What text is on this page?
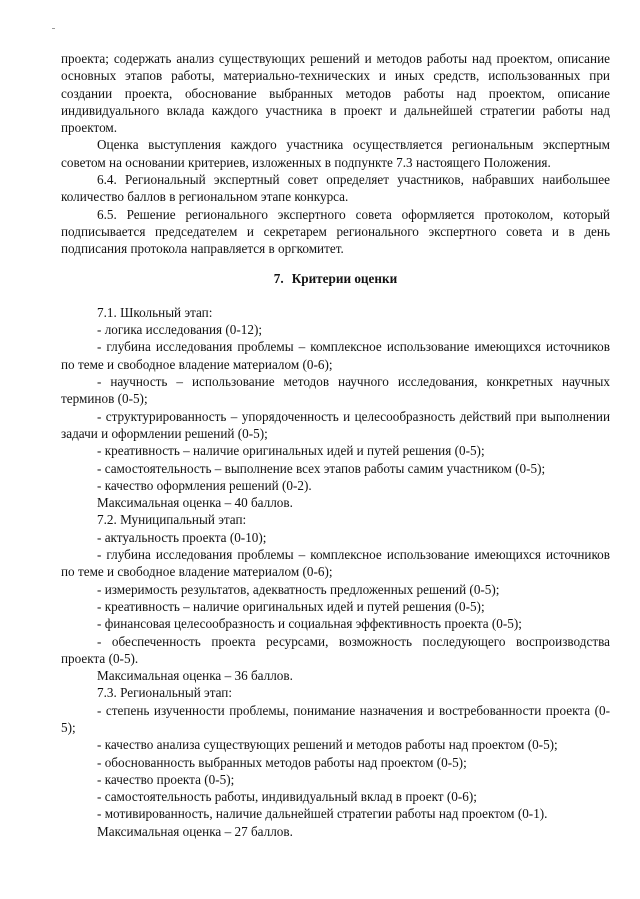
проекта; содержать анализ существующих решений и методов работы над проектом, описание основных этапов работы, материально-технических и иных средств, использованных при создании проекта, обоснование выбранных методов работы над проектом, описание индивидуального вклада каждого участника в проект и дальнейшей стратегии работы над проектом.

Оценка выступления каждого участника осуществляется региональным экспертным советом на основании критериев, изложенных в подпункте 7.3 настоящего Положения.

6.4. Региональный экспертный совет определяет участников, набравших наибольшее количество баллов в региональном этапе конкурса.

6.5. Решение регионального экспертного совета оформляется протоколом, который подписывается председателем и секретарем регионального экспертного совета и в день подписания протокола направляется в оргкомитет.

7. Критерии оценки

7.1. Школьный этап:

- логика исследования (0-12);

- глубина исследования проблемы – комплексное использование имеющихся источников по теме и свободное владение материалом (0-6);

- научность – использование методов научного исследования, конкретных научных терминов (0-5);

- структурированность – упорядоченность и целесообразность действий при выполнении задачи и оформлении решений (0-5);

- креативность – наличие оригинальных идей и путей решения (0-5);

- самостоятельность – выполнение всех этапов работы самим участником (0-5);

- качество оформления решений (0-2).

Максимальная оценка – 40 баллов.

7.2. Муниципальный этап:

- актуальность проекта (0-10);

- глубина исследования проблемы – комплексное использование имеющихся источников по теме и свободное владение материалом (0-6);

- измеримость результатов, адекватность предложенных решений (0-5);

- креативность – наличие оригинальных идей и путей решения (0-5);

- финансовая целесообразность и социальная эффективность проекта (0-5);

- обеспеченность проекта ресурсами, возможность последующего воспроизводства проекта (0-5).

Максимальная оценка – 36 баллов.

7.3. Региональный этап:

- степень изученности проблемы, понимание назначения и востребованности проекта (0-5);

- качество анализа существующих решений и методов работы над проектом (0-5);

- обоснованность выбранных методов работы над проектом (0-5);

- качество проекта (0-5);

- самостоятельность работы, индивидуальный вклад в проект (0-6);

- мотивированность, наличие дальнейшей стратегии работы над проектом (0-1).

Максимальная оценка – 27 баллов.
